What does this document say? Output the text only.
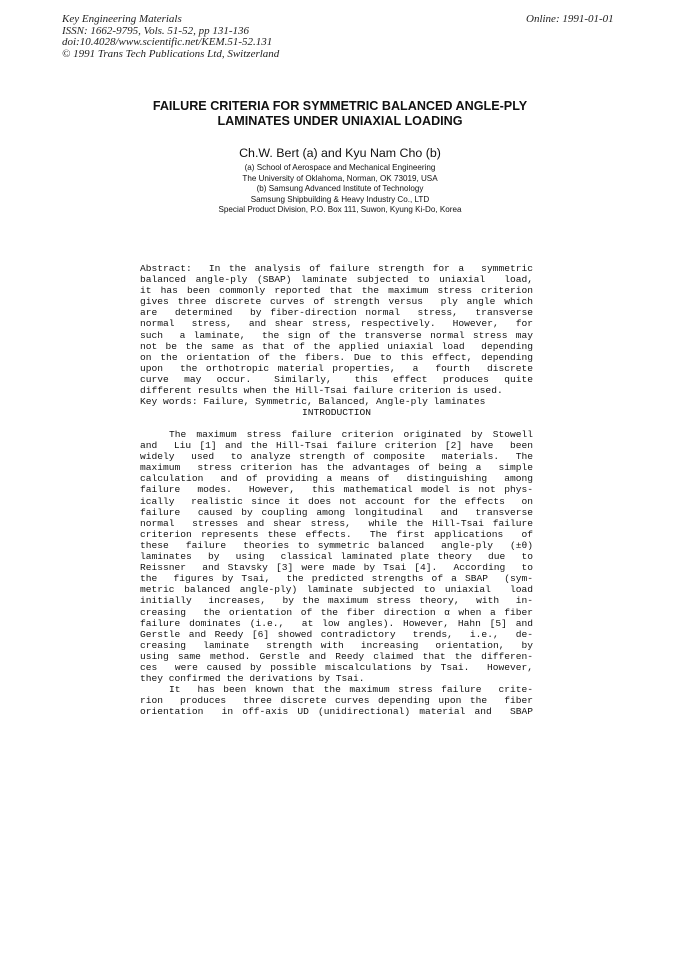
Key Engineering Materials
ISSN: 1662-9795, Vols. 51-52, pp 131-136
doi:10.4028/www.scientific.net/KEM.51-52.131
© 1991 Trans Tech Publications Ltd, Switzerland
Online: 1991-01-01
FAILURE CRITERIA FOR SYMMETRIC BALANCED ANGLE-PLY
LAMINATES UNDER UNIAXIAL LOADING
Ch.W. Bert (a) and Kyu Nam Cho (b)
(a) School of Aerospace and Mechanical Engineering
The University of Oklahoma, Norman, OK 73019, USA
(b) Samsung Advanced Institute of Technology
Samsung Shipbuilding & Heavy Industry Co., LTD
Special Product Division, P.O. Box 111, Suwon, Kyung Ki-Do, Korea
Abstract:  In the analysis of failure strength for a  symmetric
balanced angle-ply (SBAP) laminate subjected to uniaxial  load,
it has been commonly reported that the maximum stress criterion
gives three discrete curves of strength versus  ply angle which
are  determined  by fiber-direction normal  stress,  transverse
normal  stress,  and shear stress, respectively.  However,  for
such  a laminate,  the sign of the transverse normal stress may
not be the same as that of the applied uniaxial load  depending
on the orientation of the fibers. Due to this effect, depending
upon  the orthotropic material properties,  a  fourth  discrete
curve  may  occur.   Similarly,   this  effect  produces  quite
different results when the Hill-Tsai failure criterion is used.
Key words: Failure, Symmetric, Balanced, Angle-ply laminates
INTRODUCTION
The maximum stress failure criterion originated by Stowell
and  Liu [1] and the Hill-Tsai failure criterion [2] have  been
widely  used  to analyze strength of composite  materials.  The
maximum  stress criterion has the advantages of being a  simple
calculation  and of providing a means of  distinguishing  among
failure  modes.  However,  this mathematical model is not phys-
ically  realistic since it does not account for the effects  on
failure  caused by coupling among longitudinal  and  transverse
normal  stresses and shear stress,  while the Hill-Tsai failure
criterion represents these effects.  The first applications  of
these  failure  theories to symmetric balanced  angle-ply  (±θ)
laminates  by  using  classical laminated plate theory  due  to
Reissner  and Stavsky [3] were made by Tsai [4].  According  to
the  figures by Tsai,  the predicted strengths of a SBAP  (sym-
metric balanced angle-ply) laminate subjected to uniaxial  load
initially  increases,  by the maximum stress theory,  with  in-
creasing  the orientation of the fiber direction α when a fiber
failure dominates (i.e.,  at low angles). However, Hahn [5] and
Gerstle and Reedy [6] showed contradictory  trends,  i.e.,  de-
creasing  laminate  strength with  increasing  orientation,  by
using same method. Gerstle and Reedy claimed that the differen-
ces  were caused by possible miscalculations by Tsai.  However,
they confirmed the derivations by Tsai.
It  has been known that the maximum stress failure  crite-
rion  produces  three discrete curves depending upon the  fiber
orientation  in off-axis UD (unidirectional) material and  SBAP
